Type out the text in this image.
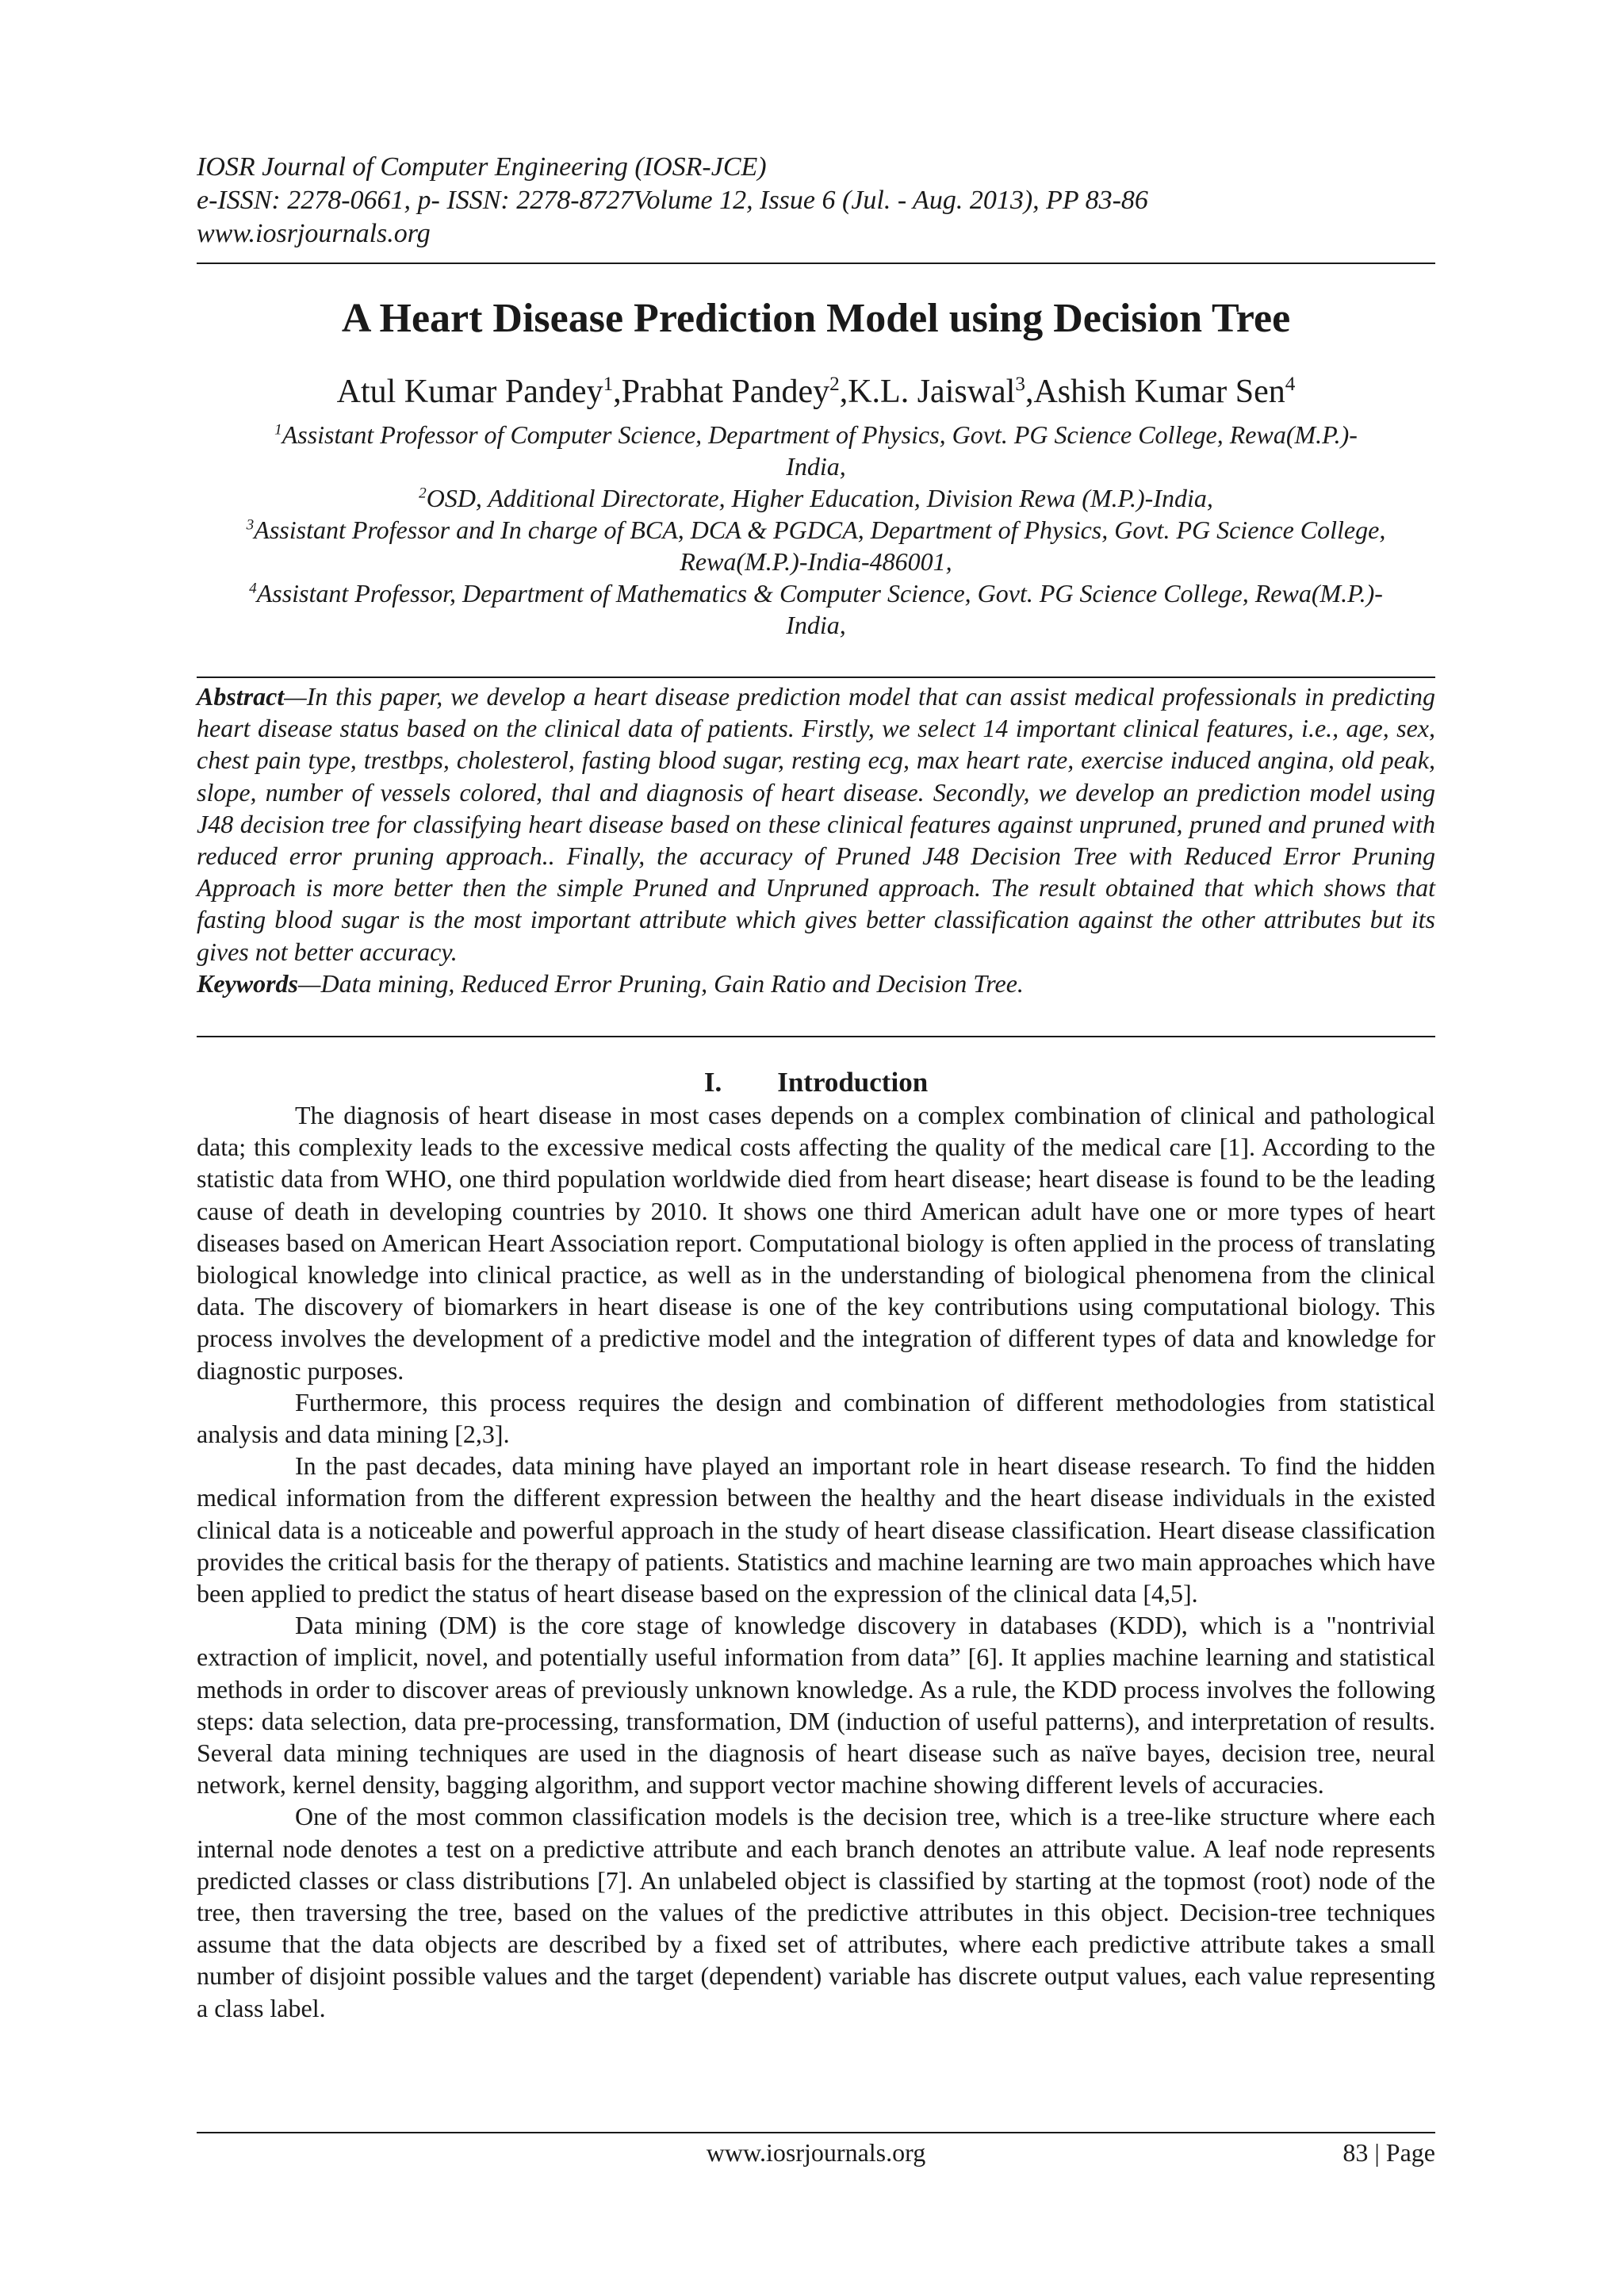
IOSR Journal of Computer Engineering (IOSR-JCE)
e-ISSN: 2278-0661, p- ISSN: 2278-8727Volume 12, Issue 6 (Jul. - Aug. 2013), PP 83-86
www.iosrjournals.org
A Heart Disease Prediction Model using Decision Tree
Atul Kumar Pandey$^1$,Prabhat Pandey$^2$,K.L. Jaiswal$^3$,Ashish Kumar Sen$^4$
$^1$Assistant Professor of Computer Science, Department of Physics, Govt. PG Science College, Rewa(M.P.)-
India,
$^2$OSD, Additional Directorate, Higher Education, Division Rewa (M.P.)-India,
$^3$Assistant Professor and In charge of BCA, DCA & PGDCA, Department of Physics, Govt. PG Science College,
Rewa(M.P.)-India-486001,
$^4$Assistant Professor, Department of Mathematics & Computer Science, Govt. PG Science College, Rewa(M.P.)-
India,
Abstract—In this paper, we develop a heart disease prediction model that can assist medical professionals in predicting heart disease status based on the clinical data of patients. Firstly, we select 14 important clinical features, i.e., age, sex, chest pain type, trestbps, cholesterol, fasting blood sugar, resting ecg, max heart rate, exercise induced angina, old peak, slope, number of vessels colored, thal and diagnosis of heart disease. Secondly, we develop an prediction model using J48 decision tree for classifying heart disease based on these clinical features against unpruned, pruned and pruned with reduced error pruning approach.. Finally, the accuracy of Pruned J48 Decision Tree with Reduced Error Pruning Approach is more better then the simple Pruned and Unpruned approach. The result obtained that which shows that fasting blood sugar is the most important attribute which gives better classification against the other attributes but its gives not better accuracy.
Keywords—Data mining, Reduced Error Pruning, Gain Ratio and Decision Tree.
I. Introduction

The diagnosis of heart disease in most cases depends on a complex combination of clinical and pathological data; this complexity leads to the excessive medical costs affecting the quality of the medical care [1]. According to the statistic data from WHO, one third population worldwide died from heart disease; heart disease is found to be the leading cause of death in developing countries by 2010. It shows one third American adult have one or more types of heart diseases based on American Heart Association report. Computational biology is often applied in the process of translating biological knowledge into clinical practice, as well as in the understanding of biological phenomena from the clinical data. The discovery of biomarkers in heart disease is one of the key contributions using computational biology. This process involves the development of a predictive model and the integration of different types of data and knowledge for diagnostic purposes.

Furthermore, this process requires the design and combination of different methodologies from statistical analysis and data mining [2,3].

In the past decades, data mining have played an important role in heart disease research. To find the hidden medical information from the different expression between the healthy and the heart disease individuals in the existed clinical data is a noticeable and powerful approach in the study of heart disease classification. Heart disease classification provides the critical basis for the therapy of patients. Statistics and machine learning are two main approaches which have been applied to predict the status of heart disease based on the expression of the clinical data [4,5].

Data mining (DM) is the core stage of knowledge discovery in databases (KDD), which is a "nontrivial extraction of implicit, novel, and potentially useful information from data” [6]. It applies machine learning and statistical methods in order to discover areas of previously unknown knowledge. As a rule, the KDD process involves the following steps: data selection, data pre-processing, transformation, DM (induction of useful patterns), and interpretation of results. Several data mining techniques are used in the diagnosis of heart disease such as naïve bayes, decision tree, neural network, kernel density, bagging algorithm, and support vector machine showing different levels of accuracies.

One of the most common classification models is the decision tree, which is a tree-like structure where each internal node denotes a test on a predictive attribute and each branch denotes an attribute value. A leaf node represents predicted classes or class distributions [7]. An unlabeled object is classified by starting at the topmost (root) node of the tree, then traversing the tree, based on the values of the predictive attributes in this object. Decision-tree techniques assume that the data objects are described by a fixed set of attributes, where each predictive attribute takes a small number of disjoint possible values and the target (dependent) variable has discrete output values, each value representing a class label.

www.iosrjournals.org	83 | Page
